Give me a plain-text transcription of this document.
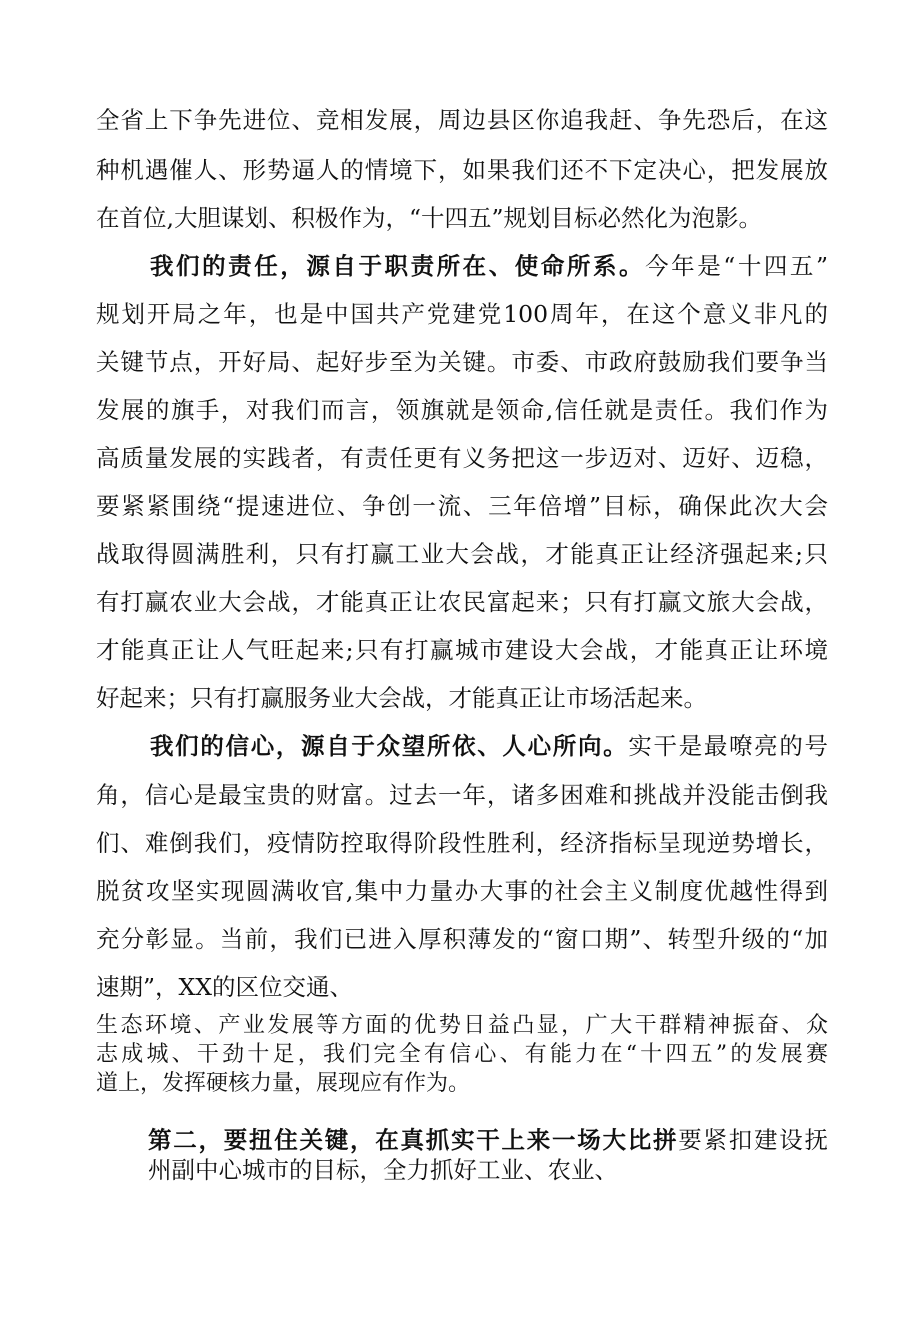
全省上下争先进位、竞相发展，周边县区你追我赶、争先恐后，在这
种机遇催人、形势逼人的情境下，如果我们还不下定决心，把发展放
在首位,大胆谋划、积极作为，“十四五”规划目标必然化为泡影。
我们的责任，源自于职责所在、使命所系。今年是“十四五”
规划开局之年，也是中国共产党建党100周年，在这个意义非凡的
关键节点，开好局、起好步至为关键。市委、市政府鼓励我们要争当
发展的旗手，对我们而言，领旗就是领命,信任就是责任。我们作为
高质量发展的实践者，有责任更有义务把这一步迈对、迈好、迈稳，
要紧紧围绕“提速进位、争创一流、三年倍增”目标，确保此次大会
战取得圆满胜利，只有打赢工业大会战，才能真正让经济强起来;只
有打赢农业大会战，才能真正让农民富起来；只有打赢文旅大会战，
才能真正让人气旺起来;只有打赢城市建设大会战，才能真正让环境
好起来；只有打赢服务业大会战，才能真正让市场活起来。
我们的信心，源自于众望所依、人心所向。实干是最嘹亮的号
角，信心是最宝贵的财富。过去一年，诸多困难和挑战并没能击倒我
们、难倒我们，疫情防控取得阶段性胜利，经济指标呈现逆势增长，
脱贫攻坚实现圆满收官,集中力量办大事的社会主义制度优越性得到
充分彰显。当前，我们已进入厚积薄发的“窗口期”、转型升级的“加
速期”，XX的区位交通、
生态环境、产业发展等方面的优势日益凸显，广大干群精神振奋、众
志成城、干劲十足，我们完全有信心、有能力在“十四五”的发展赛
道上，发挥硬核力量，展现应有作为。
第二，要扭住关键，在真抓实干上来一场大比拼要紧扣建设抚
州副中心城市的目标，全力抓好工业、农业、
